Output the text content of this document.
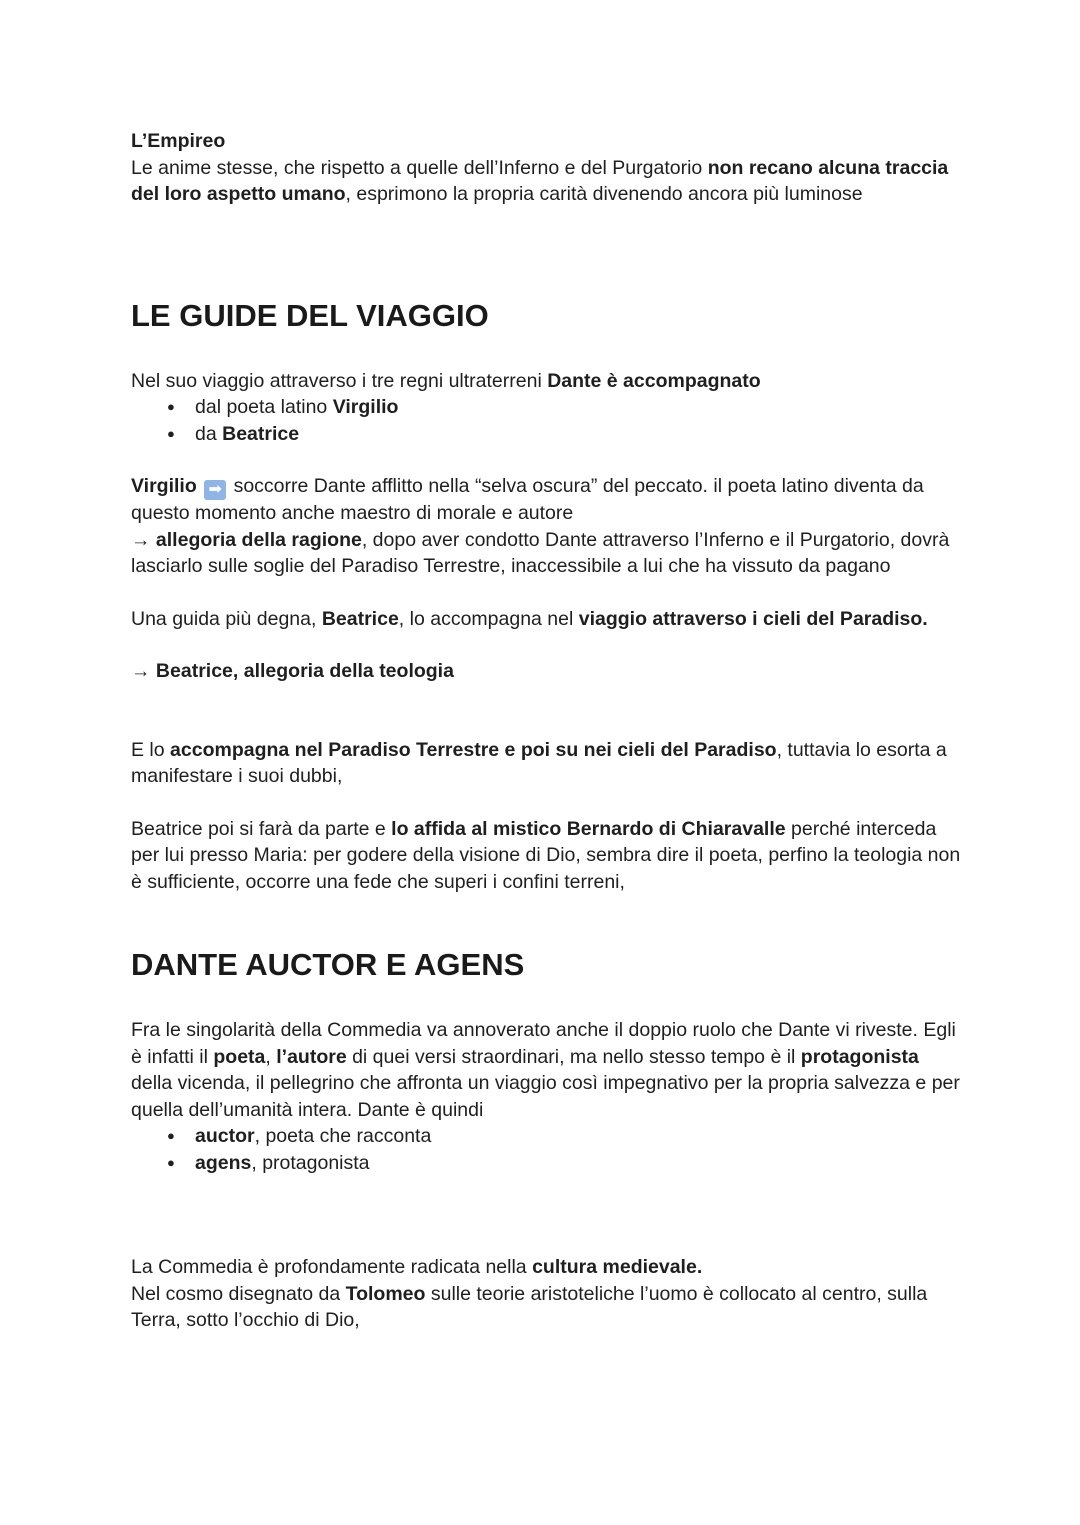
L’Empireo

Le anime stesse, che rispetto a quelle dell’Inferno e del Purgatorio non recano alcuna traccia del loro aspetto umano, esprimono la propria carità divenendo ancora più luminose

LE GUIDE DEL VIAGGIO

Nel suo viaggio attraverso i tre regni ultraterreni Dante è accompagnato

● dal poeta latino Virgilio
● da Beatrice

Virgilio ➡ soccorre Dante afflitto nella “selva oscura” del peccato. il poeta latino diventa da questo momento anche maestro di morale e autore

→ allegoria della ragione, dopo aver condotto Dante attraverso l’Inferno e il Purgatorio, dovrà lasciarlo sulle soglie del Paradiso Terrestre, inaccessibile a lui che ha vissuto da pagano

Una guida più degna, Beatrice, lo accompagna nel viaggio attraverso i cieli del Paradiso.

→ Beatrice, allegoria della teologia

E lo accompagna nel Paradiso Terrestre e poi su nei cieli del Paradiso, tuttavia lo esorta a manifestare i suoi dubbi,

Beatrice poi si farà da parte e lo affida al mistico Bernardo di Chiaravalle perché interceda per lui presso Maria: per godere della visione di Dio, sembra dire il poeta, perfino la teologia non è sufficiente, occorre una fede che superi i confini terreni,

DANTE AUCTOR E AGENS

Fra le singolarità della Commedia va annoverato anche il doppio ruolo che Dante vi riveste. Egli è infatti il poeta, l’autore di quei versi straordinari, ma nello stesso tempo è il protagonista della vicenda, il pellegrino che affronta un viaggio così impegnativo per la propria salvezza e per quella dell’umanità intera. Dante è quindi

● auctor, poeta che racconta
● agens, protagonista

La Commedia è profondamente radicata nella cultura medievale.

Nel cosmo disegnato da Tolomeo sulle teorie aristoteliche l’uomo è collocato al centro, sulla Terra, sotto l’occhio di Dio,
